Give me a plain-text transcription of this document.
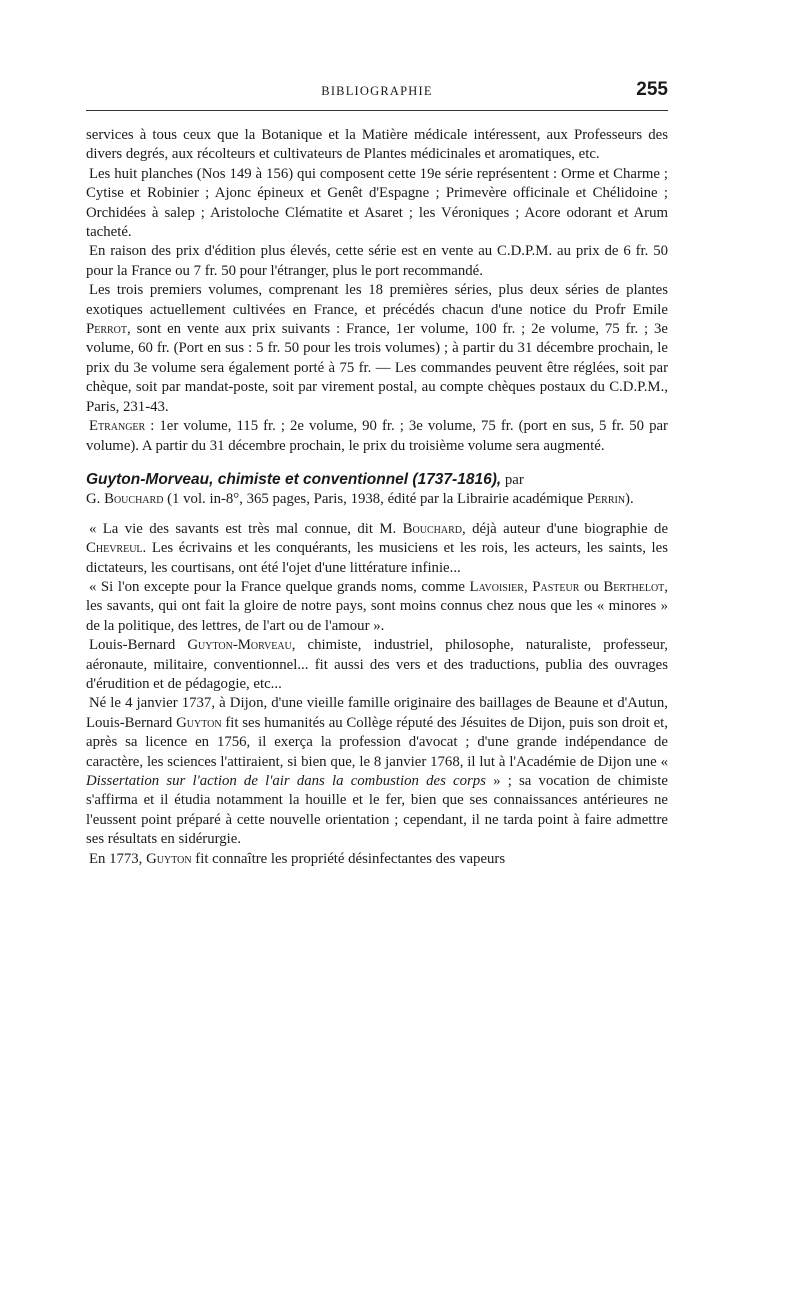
BIBLIOGRAPHIE	255

services à tous ceux que la Botanique et la Matière médicale intéressent, aux Professeurs des divers degrés, aux récolteurs et cultivateurs de Plantes médicinales et aromatiques, etc.

Les huit planches (Nos 149 à 156) qui composent cette 19e série représentent : Orme et Charme ; Cytise et Robinier ; Ajonc épineux et Genêt d'Espagne ; Primevère officinale et Chélidoine ; Orchidées à salep ; Aristoloche Clématite et Asaret ; les Véroniques ; Acore odorant et Arum tacheté.

En raison des prix d'édition plus élevés, cette série est en vente au C.D.P.M. au prix de 6 fr. 50 pour la France ou 7 fr. 50 pour l'étranger, plus le port recommandé.

Les trois premiers volumes, comprenant les 18 premières séries, plus deux séries de plantes exotiques actuellement cultivées en France, et précédés chacun d'une notice du Profr Emile Perrot, sont en vente aux prix suivants : France, 1er volume, 100 fr. ; 2e volume, 75 fr. ; 3e volume, 60 fr. (Port en sus : 5 fr. 50 pour les trois volumes) ; à partir du 31 décembre prochain, le prix du 3e volume sera également porté à 75 fr. — Les commandes peuvent être réglées, soit par chèque, soit par mandat-poste, soit par virement postal, au compte chèques postaux du C.D.P.M., Paris, 231-43.

Etranger : 1er volume, 115 fr. ; 2e volume, 90 fr. ; 3e volume, 75 fr. (port en sus, 5 fr. 50 par volume). A partir du 31 décembre prochain, le prix du troisième volume sera augmenté.

Guyton-Morveau, chimiste et conventionnel (1737-1816), par

G. Bouchard (1 vol. in-8°, 365 pages, Paris, 1938, édité par la Librairie académique Perrin).

« La vie des savants est très mal connue, dit M. Bouchard, déjà auteur d'une biographie de Chevreul. Les écrivains et les conquérants, les musiciens et les rois, les acteurs, les saints, les dictateurs, les courtisans, ont été l'ojet d'une littérature infinie...

« Si l'on excepte pour la France quelque grands noms, comme Lavoisier, Pasteur ou Berthelot, les savants, qui ont fait la gloire de notre pays, sont moins connus chez nous que les « minores » de la politique, des lettres, de l'art ou de l'amour ».

Louis-Bernard Guyton-Morveau, chimiste, industriel, philosophe, naturaliste, professeur, aéronaute, militaire, conventionnel... fit aussi des vers et des traductions, publia des ouvrages d'érudition et de pédagogie, etc...

Né le 4 janvier 1737, à Dijon, d'une vieille famille originaire des baillages de Beaune et d'Autun, Louis-Bernard Guyton fit ses humanités au Collège réputé des Jésuites de Dijon, puis son droit et, après sa licence en 1756, il exerça la profession d'avocat ; d'une grande indépendance de caractère, les sciences l'attiraient, si bien que, le 8 janvier 1768, il lut à l'Académie de Dijon une « Dissertation sur l'action de l'air dans la combustion des corps » ; sa vocation de chimiste s'affirma et il étudia notamment la houille et le fer, bien que ses connaissances antérieures ne l'eussent point préparé à cette nouvelle orientation ; cependant, il ne tarda point à faire admettre ses résultats en sidérurgie.

En 1773, Guyton fit connaître les propriété désinfectantes des vapeurs
